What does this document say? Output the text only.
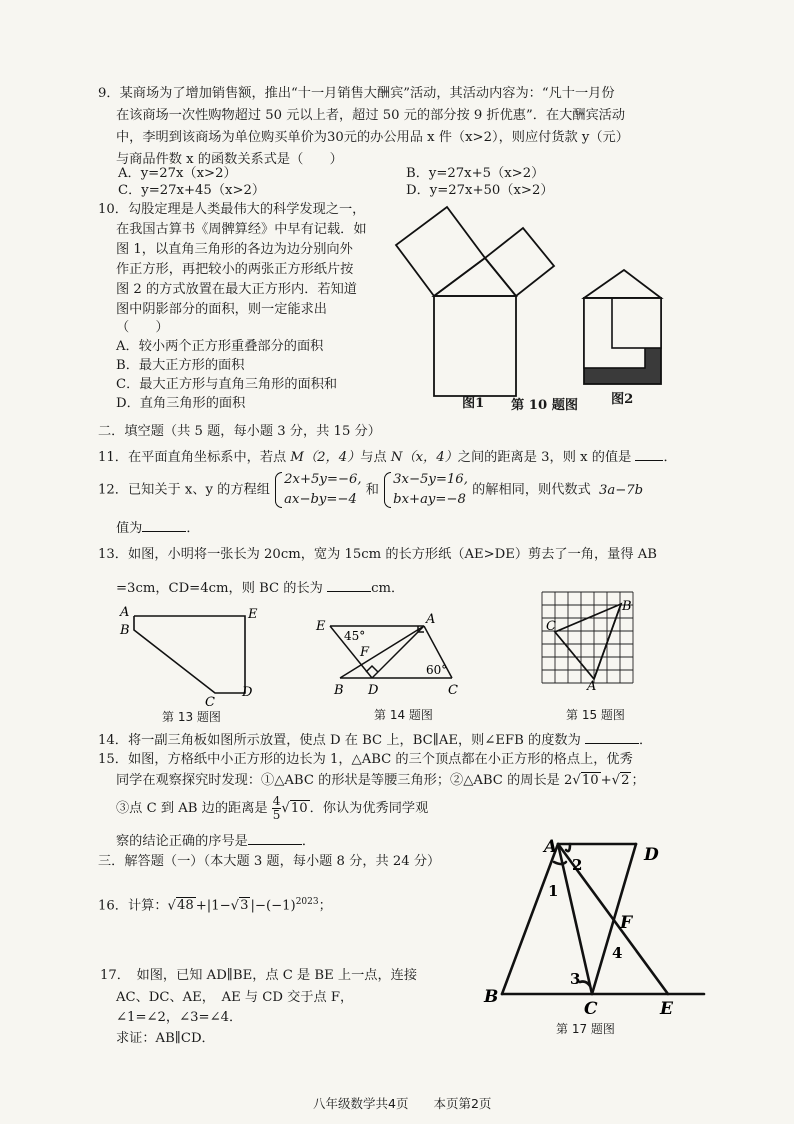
9．某商场为了增加销售额，推出“十一月销售大酬宾”活动，其活动内容为：“凡十一月份
在该商场一次性购物超过 50 元以上者，超过 50 元的部分按 9 折优惠”．在大酬宾活动
中，李明到该商场为单位购买单价为30元的办公用品 x 件（x>2），则应付货款 y（元）
与商品件数 x 的函数关系式是（　　）
A．y=27x（x>2）	B．y=27x+5（x>2）
C．y=27x+45（x>2）	D．y=27x+50（x>2）
10．勾股定理是人类最伟大的科学发现之一，
在我国古算书《周髀算经》中早有记载．如
图 1，以直角三角形的各边为边分别向外
作正方形，再把较小的两张正方形纸片按
图 2 的方式放置在最大正方形内．若知道
图中阴影部分的面积，则一定能求出
（　　）
A．较小两个正方形重叠部分的面积
B．最大正方形的面积
C．最大正方形与直角三角形的面积和
D．直角三角形的面积	图1 第 10 题图 图2
二．填空题（共 5 题，每小题 3 分，共 15 分）
11．在平面直角坐标系中，若点 M（2，4）与点 N（x，4）之间的距离是 3，则 x 的值是 ．
12．已知关于 x、y 的方程组
2x+5y=−6,
ax−by=−4
和
3x−5y=16,
bx+ay=−8
的解相同，则代数式 3a−7b
值为	．
13．如图，小明将一张长为 20cm，宽为 15cm 的长方形纸（AE>DE）剪去了一角，量得 AB
=3cm，CD=4cm，则 BC 的长为	cm．
A
B
E
C
D
第 13 题图
E	A
F
B D	C
45°
60°
第 14 题图
B
C
A
第 15 题图
14．将一副三角板如图所示放置，使点 D 在 BC 上，BC∥AE，则∠EFB 的度数为	．
15．如图，方格纸中小正方形的边长为 1，△ABC 的三个顶点都在小正方形的格点上，优秀
同学在观察探究时发现：①△ABC 的形状是等腰三角形；②△ABC 的周长是 2√10 +√2 ；
③点 C 到 AB 边的距离是 $\frac{4}{5} √10$ ．你认为优秀同学观
察的结论正确的序号是	．
三．解答题（一）（本大题 3 题，每小题 8 分，共 24 分）
16．计算：√48 +|1−√3 $|-(-1)^{2023}$；
17．　如图，已知 AD∥BE，点 C 是 BE 上一点，连接
AC、DC、AE，　AE 与 CD 交于点 F，
∠1=∠2，∠3=∠4．
求证：AB∥CD．
A	D
B
C	E
F
1
2
3
4
第 17 题图
八年级数学共4页　　本页第2页
